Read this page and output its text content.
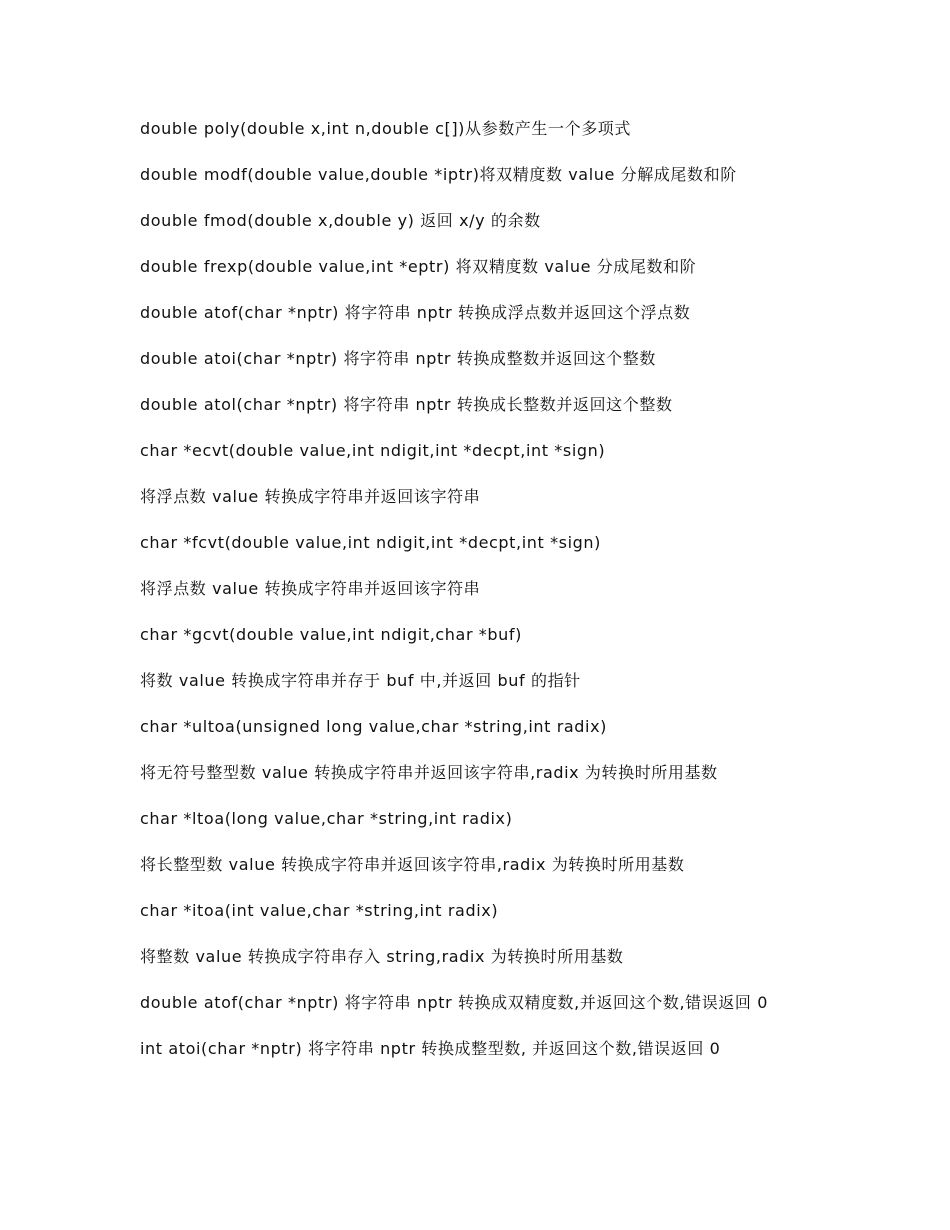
double poly(double x,int n,double c[])从参数产生一个多项式

double modf(double value,double *iptr)将双精度数 value 分解成尾数和阶

double fmod(double x,double y) 返回 x/y 的余数

double frexp(double value,int *eptr) 将双精度数 value 分成尾数和阶

double atof(char *nptr) 将字符串 nptr 转换成浮点数并返回这个浮点数

double atoi(char *nptr) 将字符串 nptr 转换成整数并返回这个整数

double atol(char *nptr) 将字符串 nptr 转换成长整数并返回这个整数

char *ecvt(double value,int ndigit,int *decpt,int *sign)

将浮点数 value 转换成字符串并返回该字符串

char *fcvt(double value,int ndigit,int *decpt,int *sign)

将浮点数 value 转换成字符串并返回该字符串

char *gcvt(double value,int ndigit,char *buf)

将数 value 转换成字符串并存于 buf 中,并返回 buf 的指针

char *ultoa(unsigned long value,char *string,int radix)

将无符号整型数 value 转换成字符串并返回该字符串,radix 为转换时所用基数

char *ltoa(long value,char *string,int radix)

将长整型数 value 转换成字符串并返回该字符串,radix 为转换时所用基数

char *itoa(int value,char *string,int radix)

将整数 value 转换成字符串存入 string,radix 为转换时所用基数

double atof(char *nptr) 将字符串 nptr 转换成双精度数,并返回这个数,错误返回 0

int atoi(char *nptr) 将字符串 nptr 转换成整型数, 并返回这个数,错误返回 0
